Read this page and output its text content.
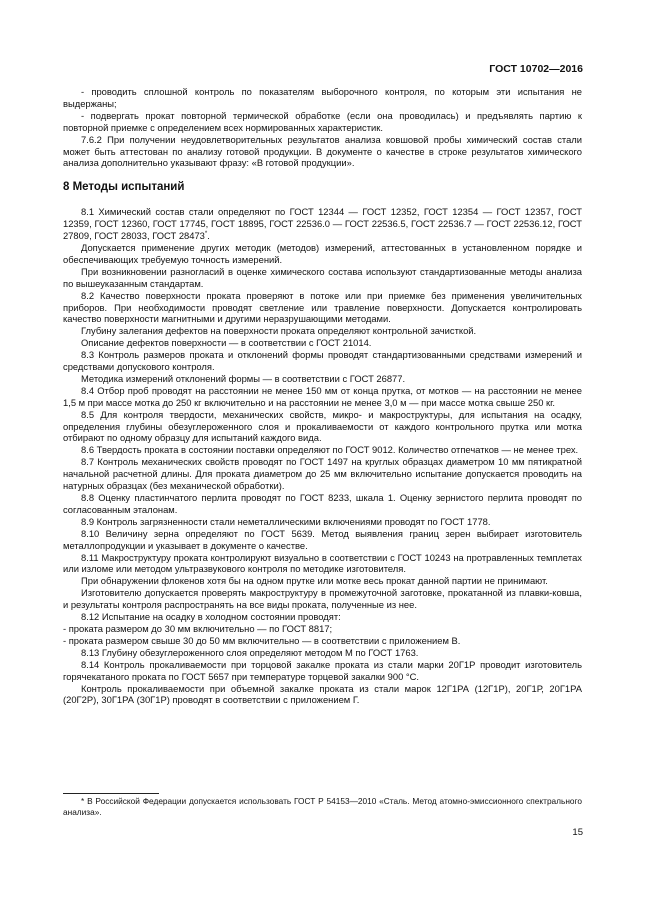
ГОСТ 10702—2016

- проводить сплошной контроль по показателям выборочного контроля, по которым эти испытания не выдержаны;

- подвергать прокат повторной термической обработке (если она проводилась) и предъявлять партию к повторной приемке с определением всех нормированных характеристик.

7.6.2 При получении неудовлетворительных результатов анализа ковшовой пробы химический состав стали может быть аттестован по анализу готовой продукции. В документе о качестве в строке результатов химического анализа дополнительно указывают фразу: «В готовой продукции».

8 Методы испытаний

8.1 Химический состав стали определяют по ГОСТ 12344 — ГОСТ 12352, ГОСТ 12354 — ГОСТ 12357, ГОСТ 12359, ГОСТ 12360, ГОСТ 17745, ГОСТ 18895, ГОСТ 22536.0 — ГОСТ 22536.5, ГОСТ 22536.7 — ГОСТ 22536.12, ГОСТ 27809, ГОСТ 28033, ГОСТ 28473*.

Допускается применение других методик (методов) измерений, аттестованных в установленном порядке и обеспечивающих требуемую точность измерений.

При возникновении разногласий в оценке химического состава используют стандартизованные методы анализа по вышеуказанным стандартам.

8.2 Качество поверхности проката проверяют в потоке или при приемке без применения увеличительных приборов. При необходимости проводят светление или травление поверхности. Допускается контролировать качество поверхности магнитными и другими неразрушающими методами.

Глубину залегания дефектов на поверхности проката определяют контрольной зачисткой.

Описание дефектов поверхности — в соответствии с ГОСТ 21014.

8.3 Контроль размеров проката и отклонений формы проводят стандартизованными средствами измерений и средствами допускового контроля.

Методика измерений отклонений формы — в соответствии с ГОСТ 26877.

8.4 Отбор проб проводят на расстоянии не менее 150 мм от конца прутка, от мотков — на расстоянии не менее 1,5 м при массе мотка до 250 кг включительно и на расстоянии не менее 3,0 м — при массе мотка свыше 250 кг.

8.5 Для контроля твердости, механических свойств, микро- и макроструктуры, для испытания на осадку, определения глубины обезуглероженного слоя и прокаливаемости от каждого контрольного прутка или мотка отбирают по одному образцу для испытаний каждого вида.

8.6 Твердость проката в состоянии поставки определяют по ГОСТ 9012. Количество отпечатков — не менее трех.

8.7 Контроль механических свойств проводят по ГОСТ 1497 на круглых образцах диаметром 10 мм пятикратной начальной расчетной длины. Для проката диаметром до 25 мм включительно испытание допускается проводить на натурных образцах (без механической обработки).

8.8 Оценку пластинчатого перлита проводят по ГОСТ 8233, шкала 1. Оценку зернистого перлита проводят по согласованным эталонам.

8.9 Контроль загрязненности стали неметаллическими включениями проводят по ГОСТ 1778.

8.10 Величину зерна определяют по ГОСТ 5639. Метод выявления границ зерен выбирает изготовитель металлопродукции и указывает в документе о качестве.

8.11 Макроструктуру проката контролируют визуально в соответствии с ГОСТ 10243 на протравленных темплетах или изломе или методом ультразвукового контроля по методике изготовителя.

При обнаружении флокенов хотя бы на одном прутке или мотке весь прокат данной партии не принимают.

Изготовителю допускается проверять макроструктуру в промежуточной заготовке, прокатанной из плавки-ковша, и результаты контроля распространять на все виды проката, полученные из нее.

8.12 Испытание на осадку в холодном состоянии проводят:

- проката размером до 30 мм включительно — по ГОСТ 8817;

- проката размером свыше 30 до 50 мм включительно — в соответствии с приложением В.

8.13 Глубину обезуглероженного слоя определяют методом М по ГОСТ 1763.

8.14 Контроль прокаливаемости при торцовой закалке проката из стали марки 20Г1Р проводит изготовитель горячекатаного проката по ГОСТ 5657 при температуре торцевой закалки 900 °С.

Контроль прокаливаемости при объемной закалке проката из стали марок 12Г1РА (12Г1Р), 20Г1Р, 20Г1РА (20Г2Р), 30Г1РА (30Г1Р) проводят в соответствии с приложением Г.

* В Российской Федерации допускается использовать ГОСТ Р 54153—2010 «Сталь. Метод атомно-эмиссионного спектрального анализа».
15
